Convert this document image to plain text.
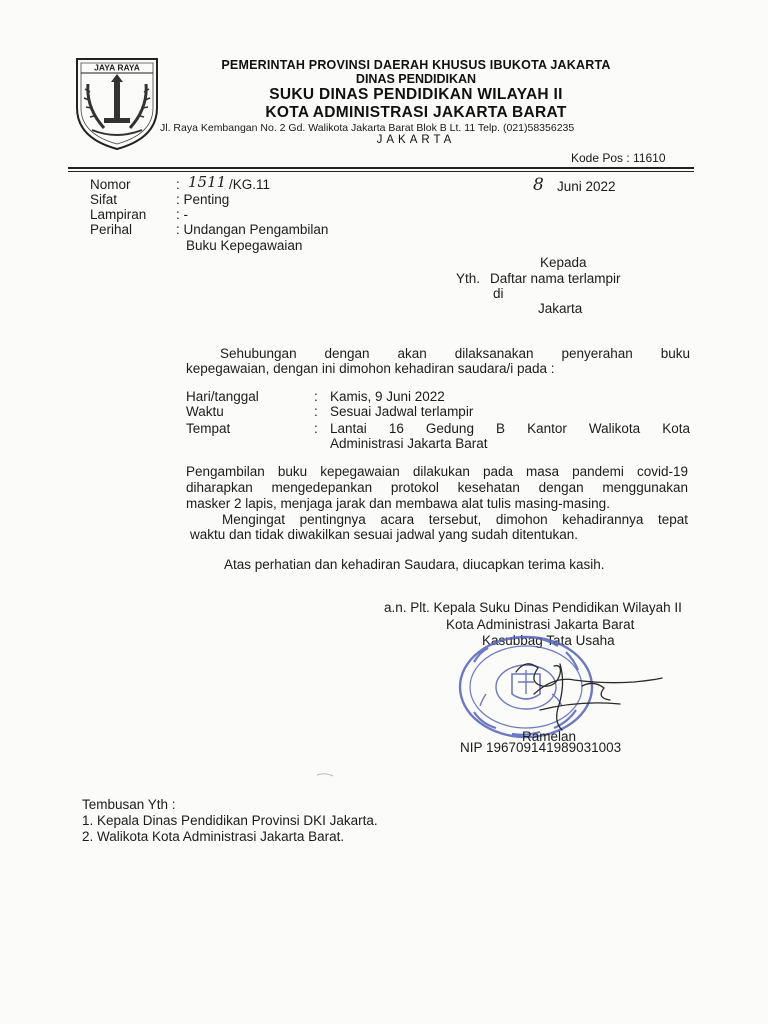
JAYA RAYA	PEMERINTAH PROVINSI DAERAH KHUSUS IBUKOTA JAKARTA
DINAS PENDIDIKAN
SUKU DINAS PENDIDIKAN WILAYAH II
KOTA ADMINISTRASI JAKARTA BARAT
Jl. Raya Kembangan No. 2 Gd. Walikota Jakarta Barat Blok B Lt. 11 Telp. (021)58356235
JAKARTA
Kode Pos : 11610
Nomor	: 1511 /KG.11	8 Juni 2022
Sifat	: Penting
Lampiran : -
Perihal	: Undangan Pengambilan
Buku Kepegawaian
Kepada
Yth. Daftar nama terlampir
di
Jakarta
Sehubungan dengan akan dilaksanakan penyerahan buku
kepegawaian, dengan ini dimohon kehadiran saudara/i pada :
Hari/tanggal	: Kamis, 9 Juni 2022
Waktu	: Sesuai Jadwal terlampir
Tempat	: Lantai 16 Gedung B Kantor Walikota Kota
Administrasi Jakarta Barat
Pengambilan buku kepegawaian dilakukan pada masa pandemi covid-19
diharapkan mengedepankan protokol kesehatan dengan menggunakan
masker 2 lapis, menjaga jarak dan membawa alat tulis masing-masing.
Mengingat pentingnya acara tersebut, dimohon kehadirannya tepat
waktu dan tidak diwakilkan sesuai jadwal yang sudah ditentukan.
Atas perhatian dan kehadiran Saudara, diucapkan terima kasih.
a.n. Plt. Kepala Suku Dinas Pendidikan Wilayah II
Kota Administrasi Jakarta Barat
Kasubbag Tata Usaha
Ramelan
NIP 196709141989031003
Tembusan Yth :
1. Kepala Dinas Pendidikan Provinsi DKI Jakarta.
2. Walikota Kota Administrasi Jakarta Barat.
